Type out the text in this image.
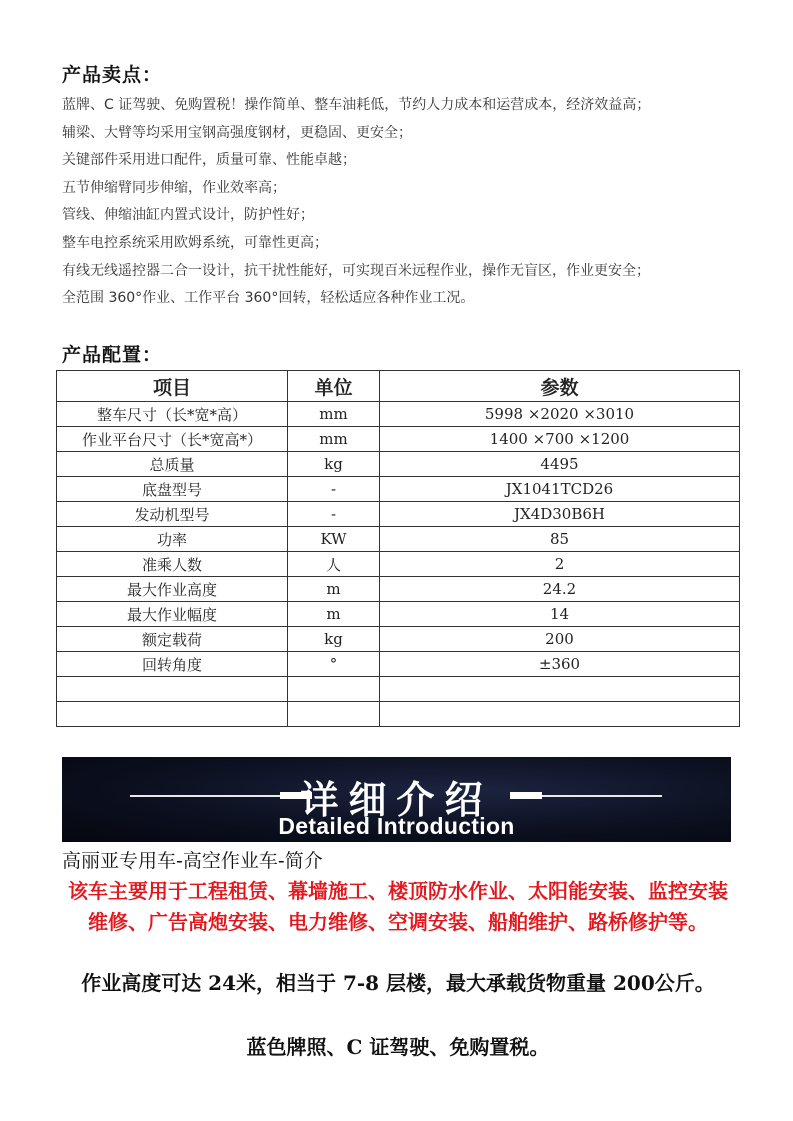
产品卖点：
蓝牌、C 证驾驶、免购置税！操作简单、整车油耗低，节约人力成本和运营成本，经济效益高；
辅梁、大臂等均采用宝钢高强度钢材，更稳固、更安全；
关键部件采用进口配件，质量可靠、性能卓越；
五节伸缩臂同步伸缩，作业效率高；
管线、伸缩油缸内置式设计，防护性好；
整车电控系统采用欧姆系统，可靠性更高；
有线无线遥控器二合一设计，抗干扰性能好，可实现百米远程作业，操作无盲区，作业更安全；
全范围 360°作业、工作平台 360°回转，轻松适应各种作业工况。
产品配置：
项目	单位	参数
整车尺寸（长*宽*高）	mm	5998 ×2020 ×3010
作业平台尺寸（长*宽高*）	mm	1400 ×700 ×1200
总质量	kg	4495
底盘型号	-	JX1041TCD26
发动机型号	-	JX4D30B6H
功率	KW	85
准乘人数	人	2
最大作业高度	m	24.2
最大作业幅度	m	14
额定载荷	kg	200
回转角度	°	±360

详细介绍
Detailed Introduction
高丽亚专用车-高空作业车-简介

该车主要用于工程租赁、幕墙施工、楼顶防水作业、太阳能安装、监控安装维修、广告高炮安装、电力维修、空调安装、船舶维护、路桥修护等。

作业高度可达 24米，相当于 7-8 层楼，最大承载货物重量 200公斤。

蓝色牌照、C 证驾驶、免购置税。
